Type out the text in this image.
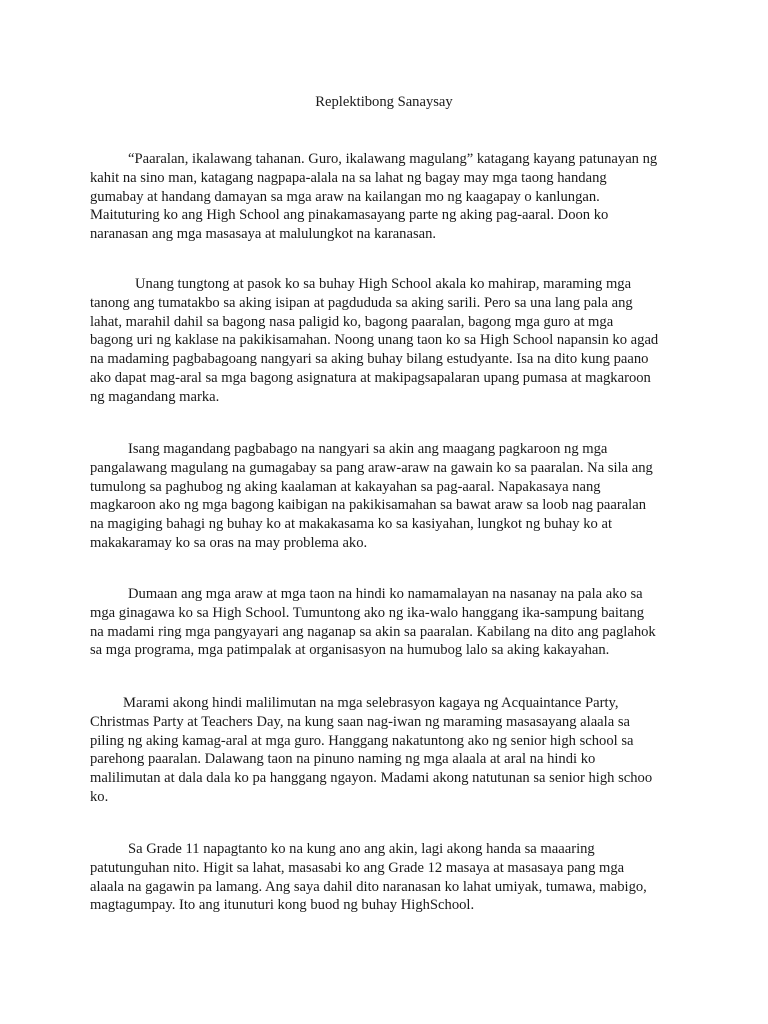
Replektibong Sanaysay
“Paaralan, ikalawang tahanan. Guro, ikalawang magulang” katagang kayang patunayan ng
kahit na sino man, katagang nagpapa-alala na sa lahat ng bagay may mga taong handang
gumabay at handang damayan sa mga araw na kailangan mo ng kaagapay o kanlungan.
Maituturing ko ang High School ang pinakamasayang parte ng aking pag-aaral. Doon ko
naranasan ang mga masasaya at malulungkot na karanasan.
Unang tungtong at pasok ko sa buhay High School akala ko mahirap, maraming mga
tanong ang tumatakbo sa aking isipan at pagdududa sa aking sarili. Pero sa una lang pala ang
lahat, marahil dahil sa bagong nasa paligid ko, bagong paaralan, bagong mga guro at mga
bagong uri ng kaklase na pakikisamahan. Noong unang taon ko sa High School napansin ko agad
na madaming pagbabagoang nangyari sa aking buhay bilang estudyante. Isa na dito kung paano
ako dapat mag-aral sa mga bagong asignatura at makipagsapalaran upang pumasa at magkaroon
ng magandang marka.
Isang magandang pagbabago na nangyari sa akin ang maagang pagkaroon ng mga
pangalawang magulang na gumagabay sa pang araw-araw na gawain ko sa paaralan. Na sila ang
tumulong sa paghubog ng aking kaalaman at kakayahan sa pag-aaral. Napakasaya nang
magkaroon ako ng mga bagong kaibigan na pakikisamahan sa bawat araw sa loob nag paaralan
na magiging bahagi ng buhay ko at makakasama ko sa kasiyahan, lungkot ng buhay ko at
makakaramay ko sa oras na may problema ako.
Dumaan ang mga araw at mga taon na hindi ko namamalayan na nasanay na pala ako sa
mga ginagawa ko sa High School. Tumuntong ako ng ika-walo hanggang ika-sampung baitang
na madami ring mga pangyayari ang naganap sa akin sa paaralan. Kabilang na dito ang paglahok
sa mga programa, mga patimpalak at organisasyon na humubog lalo sa aking kakayahan.
Marami akong hindi malilimutan na mga selebrasyon kagaya ng Acquaintance Party,
Christmas Party at Teachers Day, na kung saan nag-iwan ng maraming masasayang alaala sa
piling ng aking kamag-aral at mga guro. Hanggang nakatuntong ako ng senior high school sa
parehong paaralan. Dalawang taon na pinuno naming ng mga alaala at aral na hindi ko
malilimutan at dala dala ko pa hanggang ngayon. Madami akong natutunan sa senior high schoo
ko.
Sa Grade 11 napagtanto ko na kung ano ang akin, lagi akong handa sa maaaring
patutunguhan nito. Higit sa lahat, masasabi ko ang Grade 12 masaya at masasaya pang mga
alaala na gagawin pa lamang. Ang saya dahil dito naranasan ko lahat umiyak, tumawa, mabigo,
magtagumpay. Ito ang itunuturi kong buod ng buhay HighSchool.
